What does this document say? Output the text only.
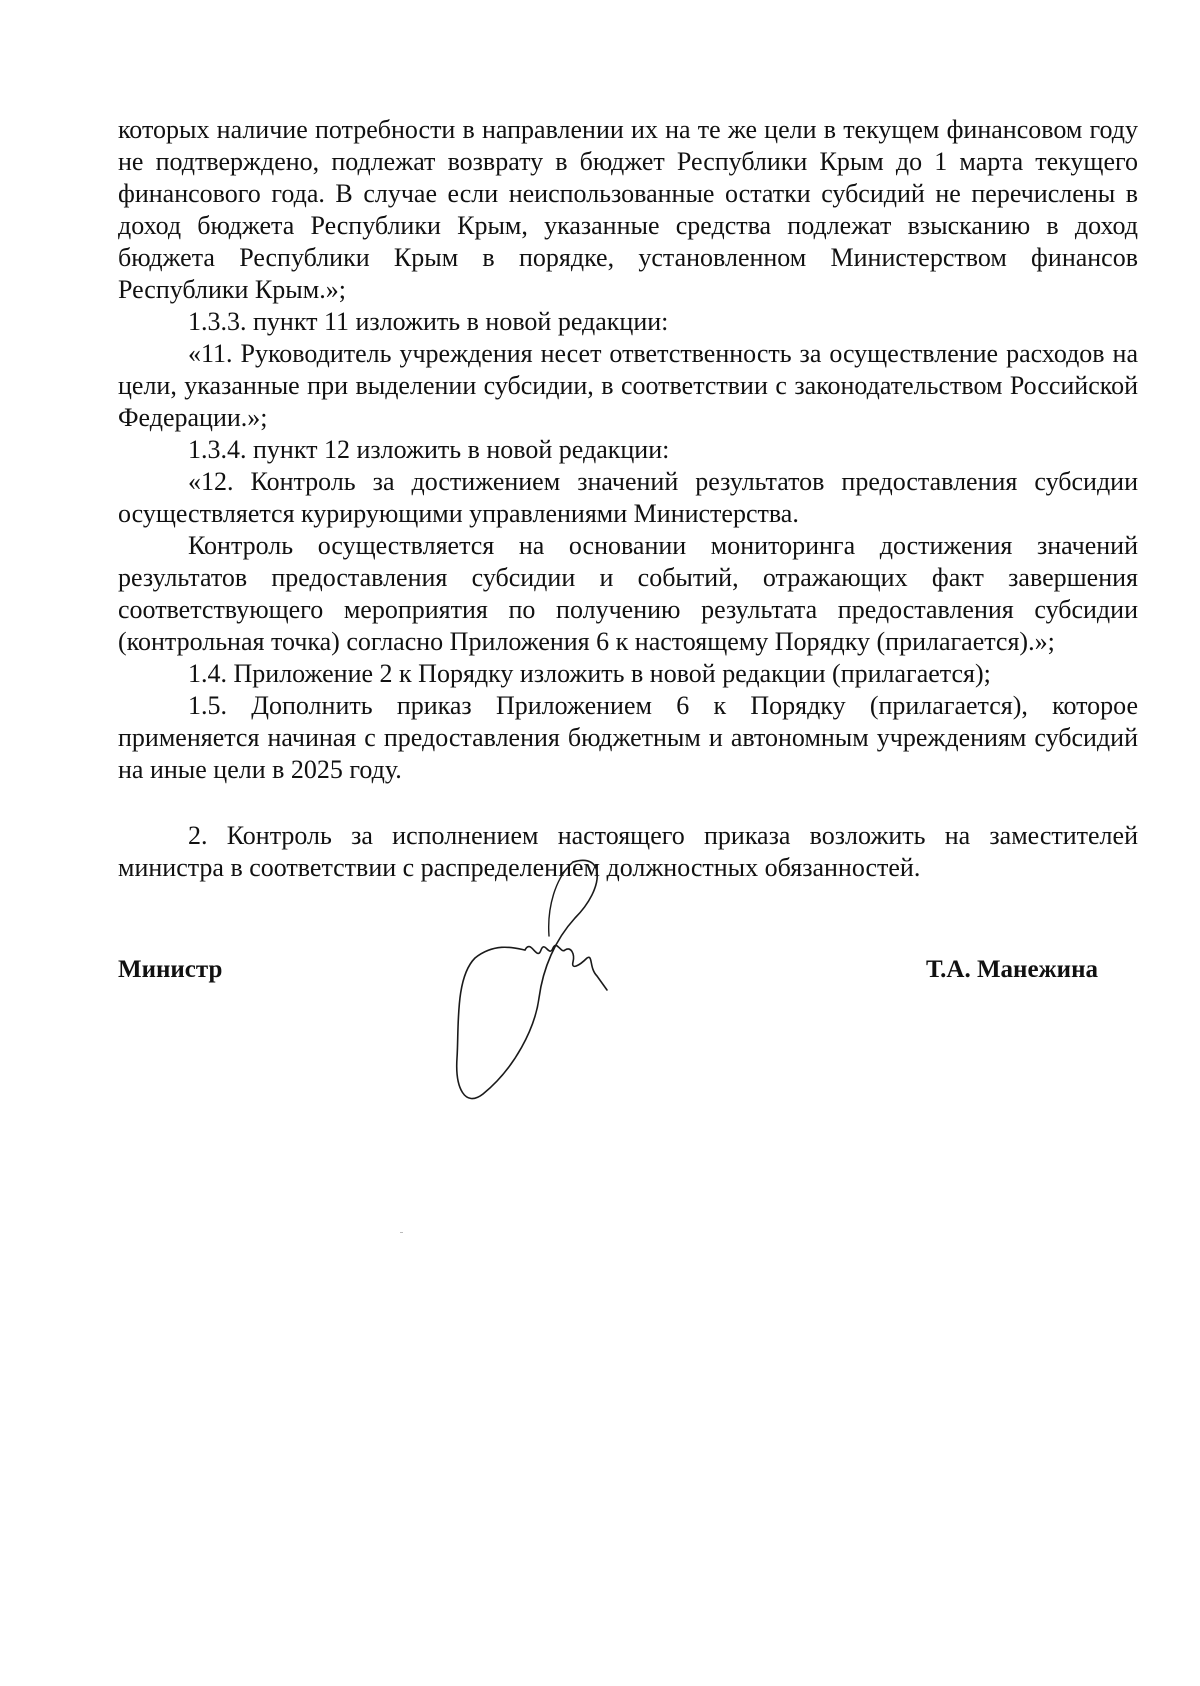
которых наличие потребности в направлении их на те же цели в текущем финансовом году не подтверждено, подлежат возврату в бюджет Республики Крым до 1 марта текущего финансового года. В случае если неиспользованные остатки субсидий не перечислены в доход бюджета Республики Крым, указанные средства подлежат взысканию в доход бюджета Республики Крым в порядке, установленном Министерством финансов Республики Крым.»;

1.3.3. пункт 11 изложить в новой редакции:

«11. Руководитель учреждения несет ответственность за осуществление расходов на цели, указанные при выделении субсидии, в соответствии с законодательством Российской Федерации.»;

1.3.4. пункт 12 изложить в новой редакции:

«12. Контроль за достижением значений результатов предоставления субсидии осуществляется курирующими управлениями Министерства.

Контроль осуществляется на основании мониторинга достижения значений результатов предоставления субсидии и событий, отражающих факт завершения соответствующего мероприятия по получению результата предоставления субсидии (контрольная точка) согласно Приложения 6 к настоящему Порядку (прилагается).»;

1.4. Приложение 2 к Порядку изложить в новой редакции (прилагается);

1.5. Дополнить приказ Приложением 6 к Порядку (прилагается), которое применяется начиная с предоставления бюджетным и автономным учреждениям субсидий на иные цели в 2025 году.

2. Контроль за исполнением настоящего приказа возложить на заместителей министра в соответствии с распределением должностных обязанностей.

Министр	Т.А. Манежина
